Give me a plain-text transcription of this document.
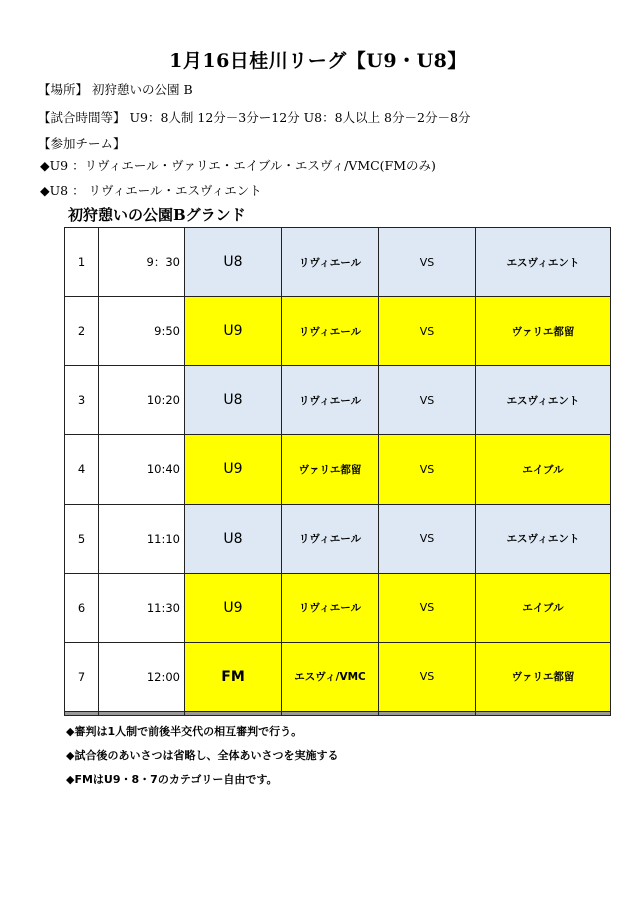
1月16日桂川リーグ【U9・U8】
【場所】 初狩憩いの公園 B
【試合時間等】 U9：8人制 12分－3分ー12分 U8：8人以上 8分－2分－8分
【参加チーム】
◆U9 ：リヴィエール・ヴァリエ・エイブル・エスヴィ/VMC(FMのみ)
◆U8 ： リヴィエール・エスヴィエント
初狩憩いの公園Bグランド
1	9：30	U8	リヴィエール	VS	エスヴィエント
2	9:50	U9	リヴィエール	VS	ヴァリエ都留
3	10:20	U8	リヴィエール	VS	エスヴィエント
4	10:40	U9	ヴァリエ都留	VS	エイブル
5	11:10	U8	リヴィエール	VS	エスヴィエント
6	11:30	U9	リヴィエール	VS	エイブル
7	12:00	FM	エスヴィ/VMC	VS	ヴァリエ都留

◆審判は1人制で前後半交代の相互審判で行う。
◆試合後のあいさつは省略し、全体あいさつを実施する
◆FMはU9・8・7のカテゴリー自由です。
